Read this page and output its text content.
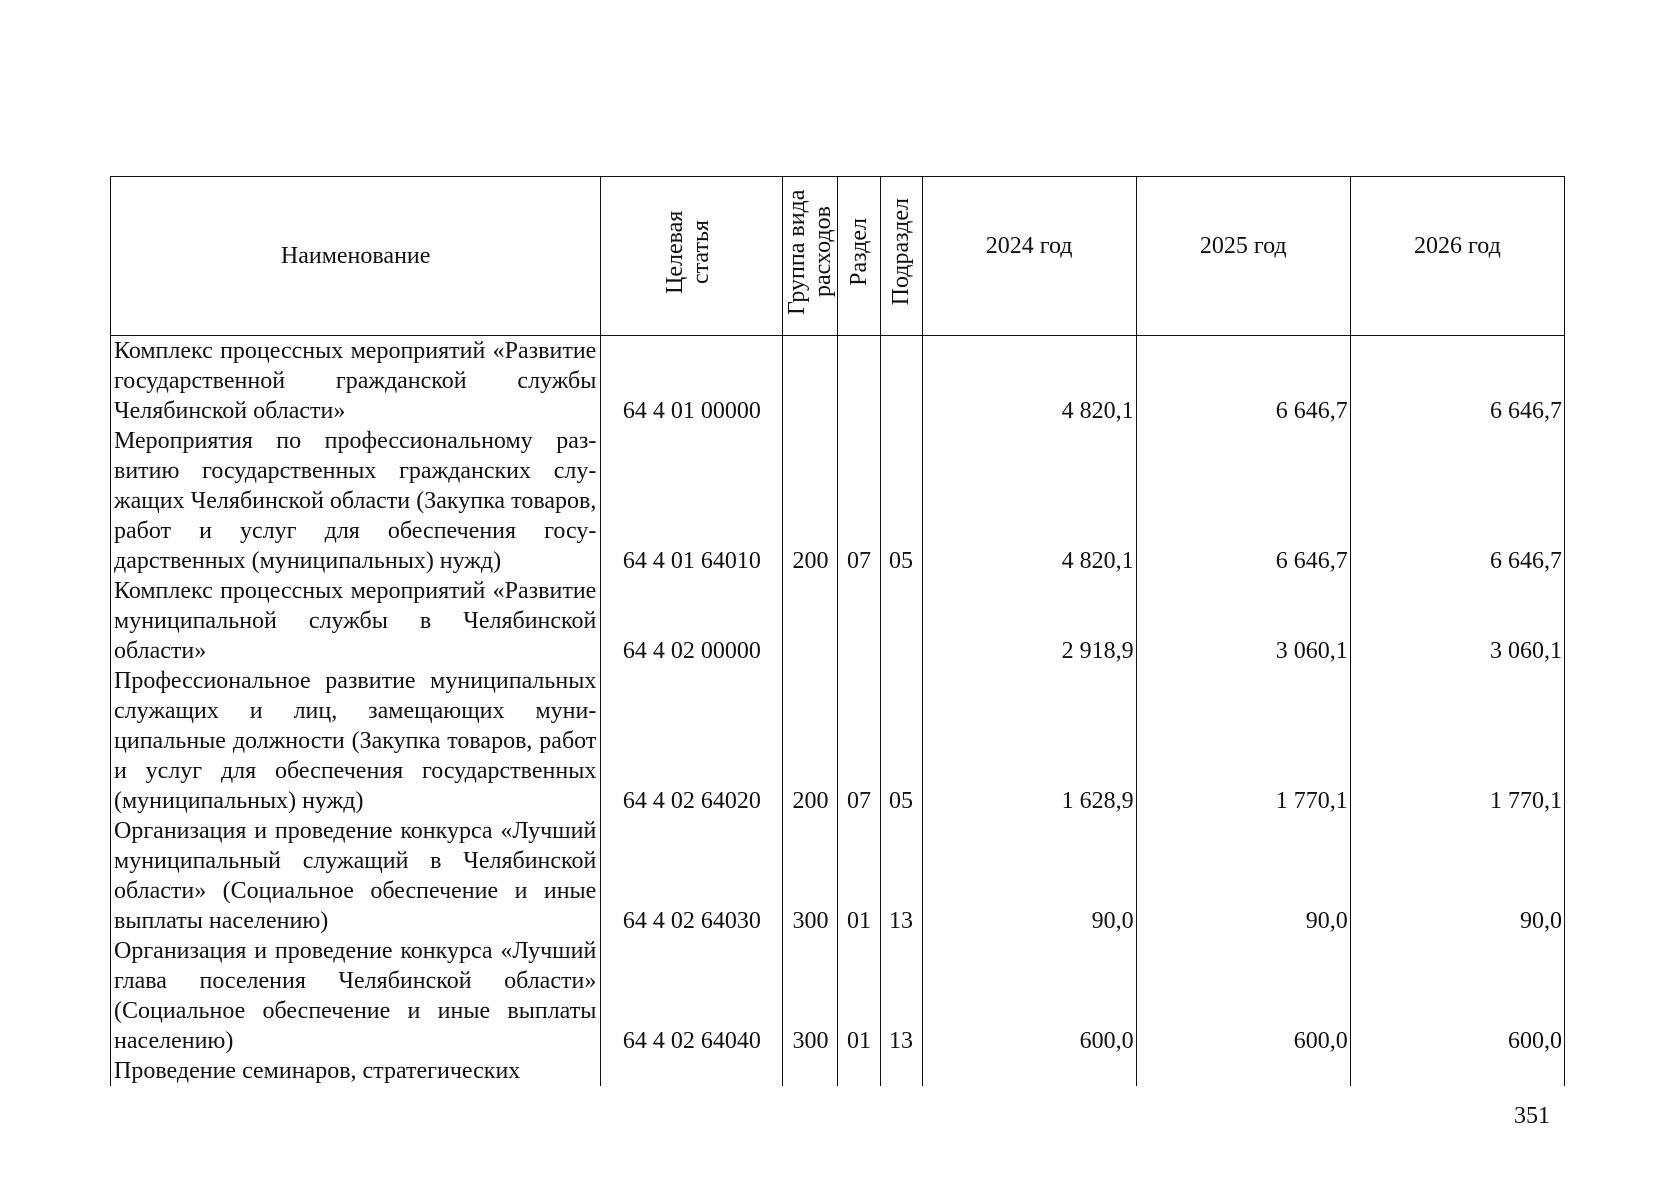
Наименование	Целевая статья	Группа вида расходов	Раздел	Подраздел	2024 год	2025 год	2026 год
Комплекс процессных мероприятий «Развитие государственной гражданской службы Челябинской области»	64 4 01 00000				4 820,1	6 646,7	6 646,7
Мероприятия по профессиональному развитию государственных гражданских служащих Челябинской области (Закупка товаров, работ и услуг для обеспечения государственных (муниципальных) нужд)	64 4 01 64010	200	07	05	4 820,1	6 646,7	6 646,7
Комплекс процессных мероприятий «Развитие муниципальной службы в Челябинской области»	64 4 02 00000				2 918,9	3 060,1	3 060,1
Профессиональное развитие муниципальных служащих и лиц, замещающих муниципальные должности (Закупка товаров, работ и услуг для обеспечения государственных (муниципальных) нужд)	64 4 02 64020	200	07	05	1 628,9	1 770,1	1 770,1
Организация и проведение конкурса «Лучший муниципальный служащий в Челябинской области» (Социальное обеспечение и иные выплаты населению)	64 4 02 64030	300	01	13	90,0	90,0	90,0
Организация и проведение конкурса «Лучший глава поселения Челябинской области» (Социальное обеспечение и иные выплаты населению)	64 4 02 64040	300	01	13	600,0	600,0	600,0
Проведение семинаров, стратегических							
351
